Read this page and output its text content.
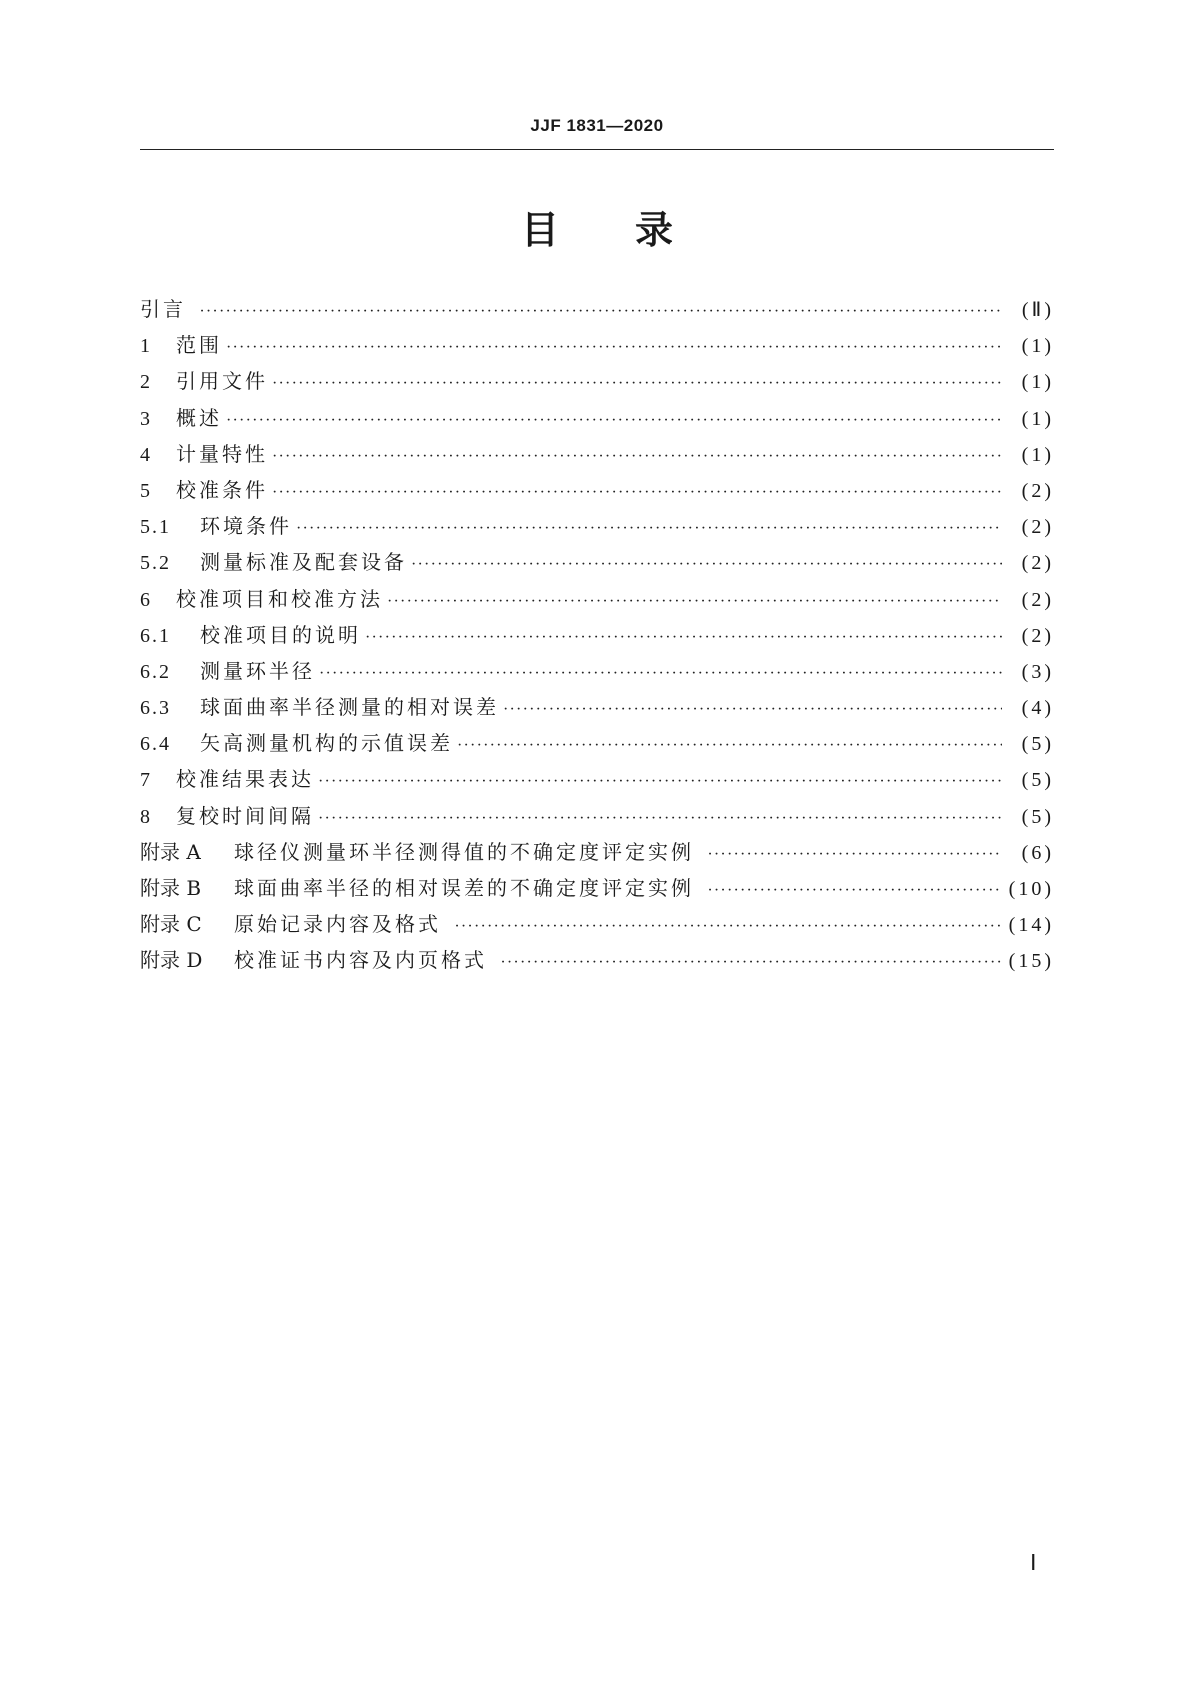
JJF 1831—2020
目　　录
引言 ·····	(Ⅱ)
1 范围 ·····	(1)
2 引用文件 ·····	(1)
3 概述 ·····	(1)
4 计量特性 ·····	(1)
5 校准条件 ·····	(2)
5.1 环境条件 ·····	(2)
5.2 测量标准及配套设备 ·····	(2)
6 校准项目和校准方法 ·····	(2)
6.1 校准项目的说明 ·····	(2)
6.2 测量环半径 ·····	(3)
6.3 球面曲率半径测量的相对误差 ·····	(4)
6.4 矢高测量机构的示值误差 ·····	(5)
7 校准结果表达 ·····	(5)
8 复校时间间隔 ·····	(5)
附录 A 球径仪测量环半径测得值的不确定度评定实例 ·····	(6)
附录 B 球面曲率半径的相对误差的不确定度评定实例 ·····	(10)
附录 C 原始记录内容及格式 ·····	(14)
附录 D 校准证书内容及内页格式 ·····	(15)
Ⅰ
